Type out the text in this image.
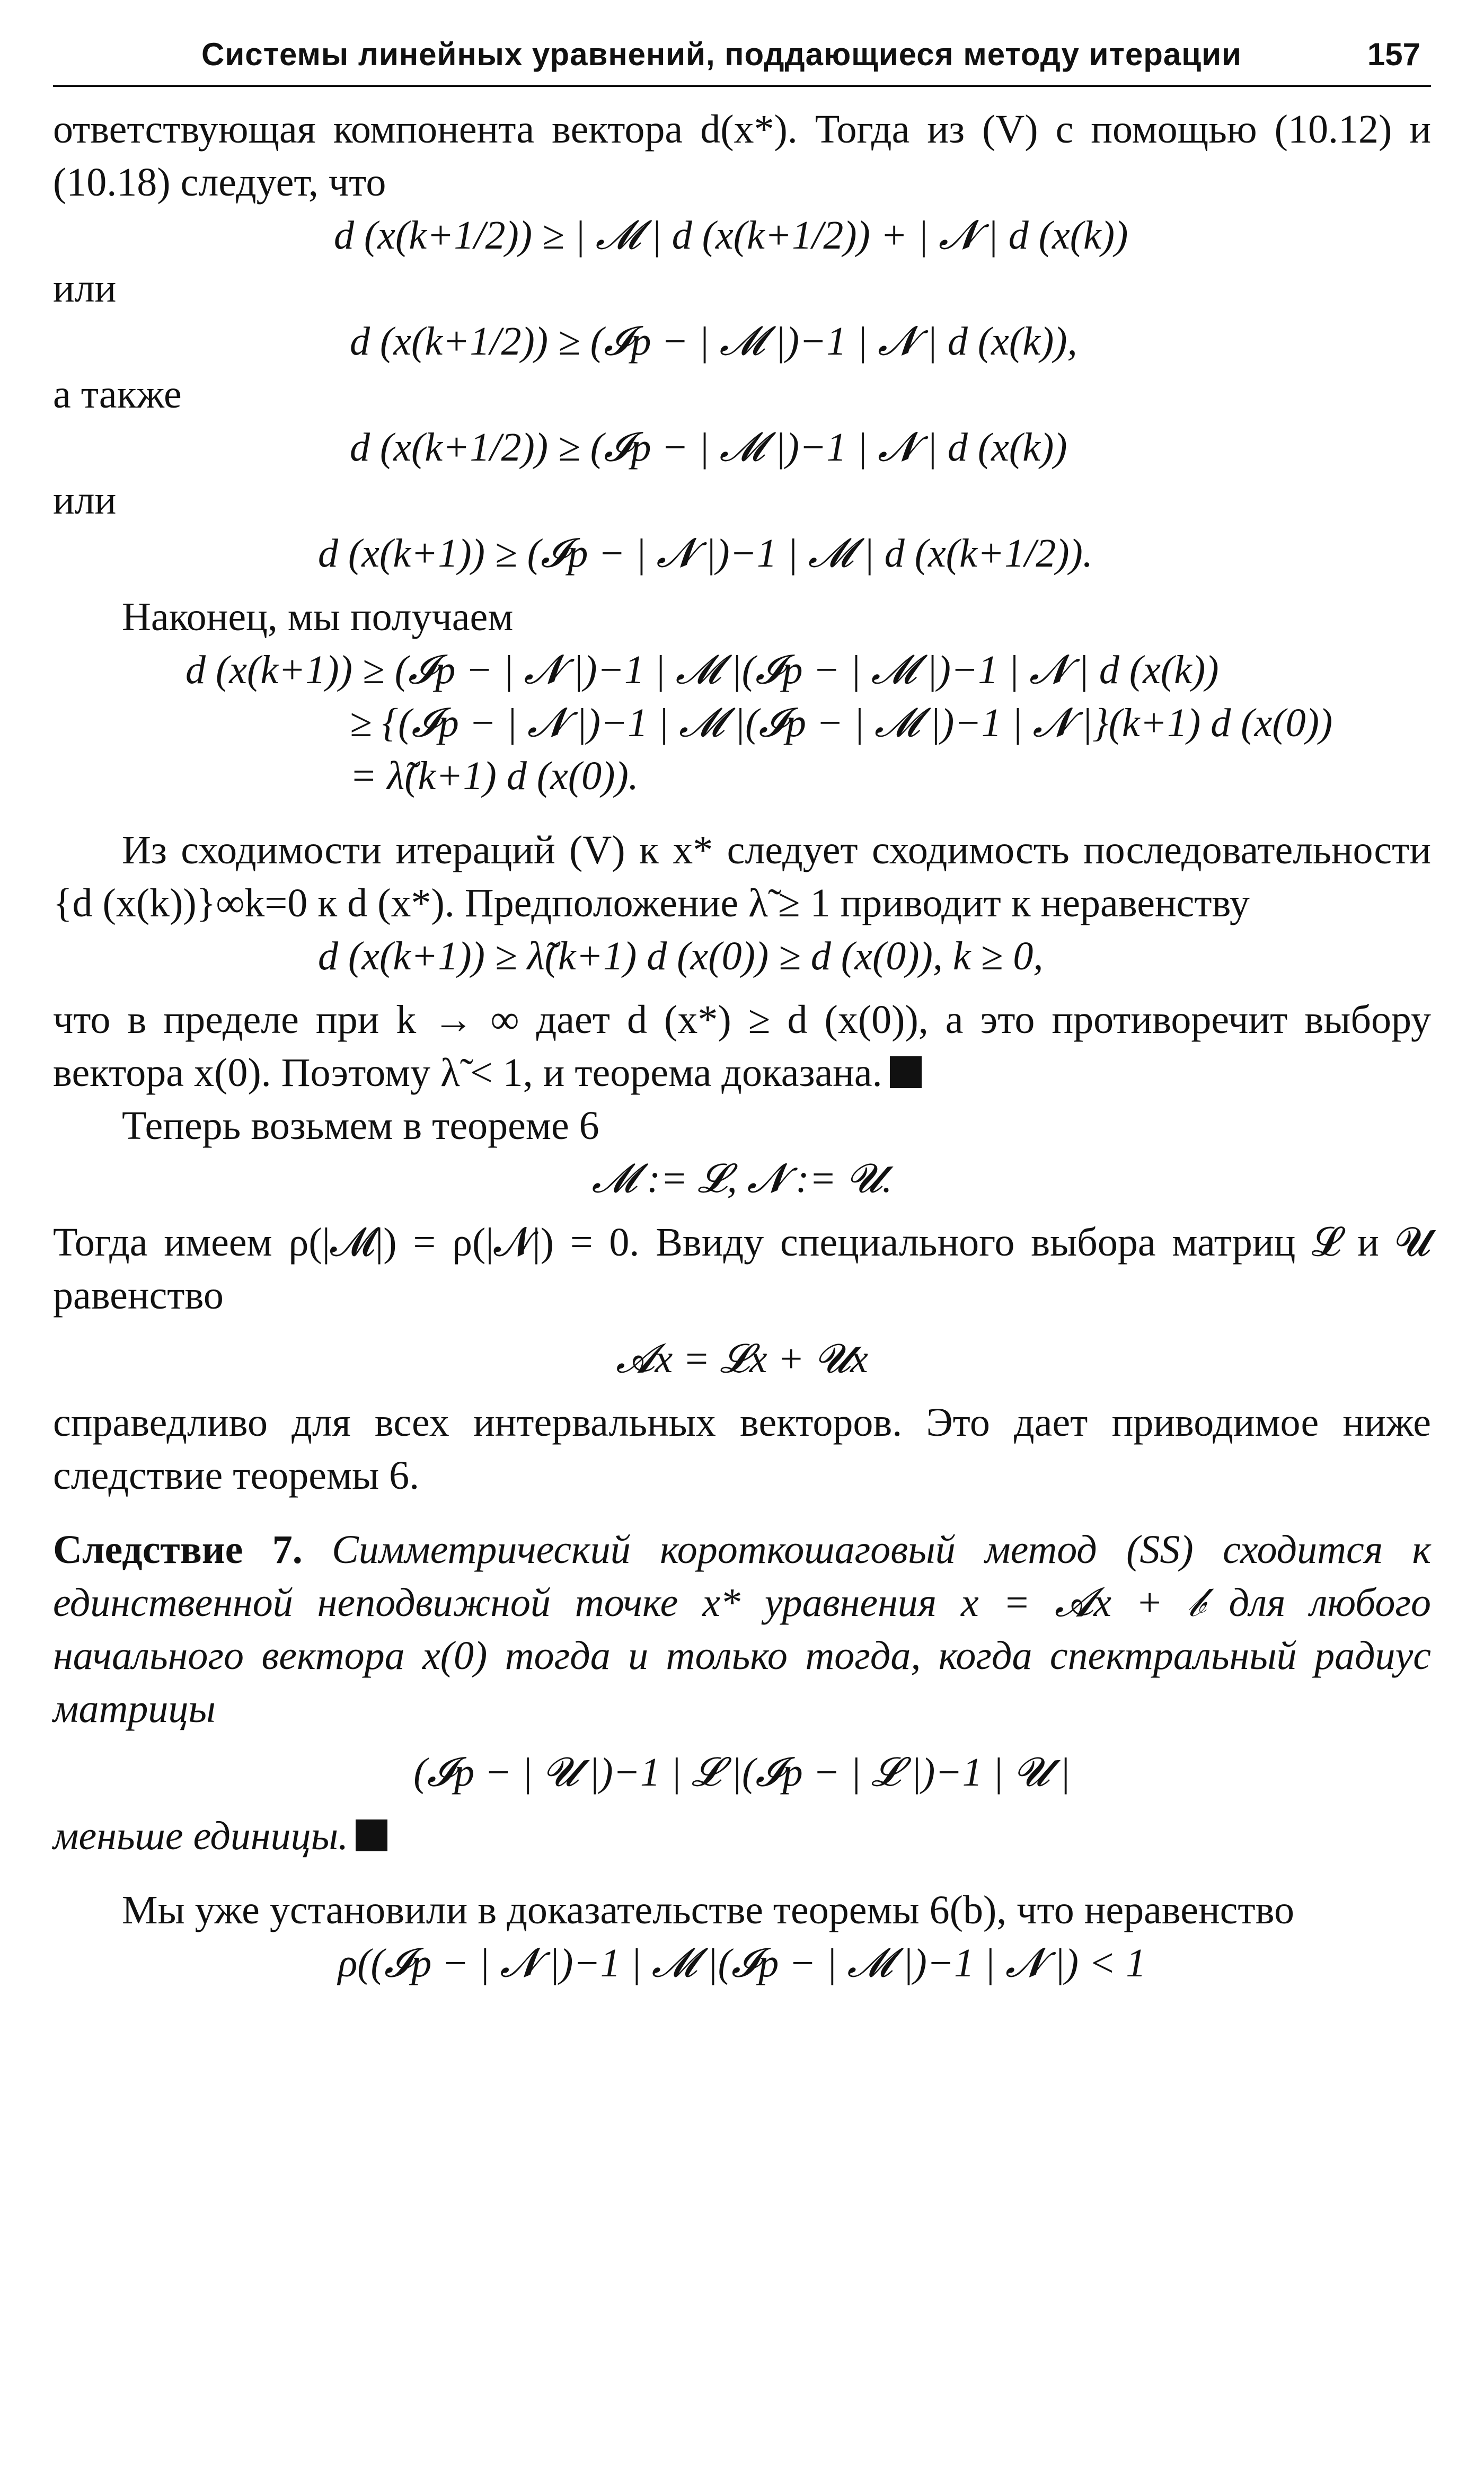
Системы линейных уравнений, поддающиеся методу итерации	157

ответствующая компонента вектора d(x*). Тогда из (V) с помощью (10.12) и (10.18) следует, что

d (x(k+1/2)) ≥ | 𝓜 | d (x(k+1/2)) + | 𝓝 | d (x(k))

или

d (x(k+1/2)) ≥ (𝓘p − | 𝓜 |)−1 | 𝓝 | d (x(k)),

а также

d (x(k+1/2)) ≥ (𝓘p − | 𝓜 |)−1 | 𝓝 | d (x(k))

или

d (x(k+1)) ≥ (𝓘p − | 𝓝 |)−1 | 𝓜 | d (x(k+1/2)).

Наконец, мы получаем

d (x(k+1)) ≥ (𝓘p − | 𝓝 |)−1 | 𝓜 |(𝓘p − | 𝓜 |)−1 | 𝓝 | d (x(k))

≥ {(𝓘p − | 𝓝 |)−1 | 𝓜 |(𝓘p − | 𝓜 |)−1 | 𝓝 |}(k+1) d (x(0))

= λ̃(k+1) d (x(0)).

Из сходимости итераций (V) к x* следует сходимость последовательности {d (x(k))}∞k=0 к d (x*). Предположение λ̃ ≥ 1 приводит к неравенству

d (x(k+1)) ≥ λ̃(k+1) d (x(0)) ≥ d (x(0)), k ≥ 0,

что в пределе при k → ∞ дает d (x*) ≥ d (x(0)), а это противоречит выбору вектора x(0). Поэтому λ̃ < 1, и теорема доказана.

Теперь возьмем в теореме 6

𝓜 := 𝓛, 𝓝 := 𝓤.

Тогда имеем ρ(|𝓜|) = ρ(|𝓝|) = 0. Ввиду специального выбора матриц 𝓛 и 𝓤 равенство

𝓐x = 𝓛x + 𝓤x

справедливо для всех интервальных векторов. Это дает приводимое ниже следствие теоремы 6.

Следствие 7. Симметрический короткошаговый метод (SS) сходится к единственной неподвижной точке x* уравнения x = 𝓐x + 𝒷 для любого начального вектора x(0) тогда и только тогда, когда спектральный радиус матрицы

(𝓘p − | 𝓤 |)−1 | 𝓛 |(𝓘p − | 𝓛 |)−1 | 𝓤 |

меньше единицы.

Мы уже установили в доказательстве теоремы 6(b), что неравенство

ρ((𝓘p − | 𝓝 |)−1 | 𝓜 |(𝓘p − | 𝓜 |)−1 | 𝓝 |) < 1
